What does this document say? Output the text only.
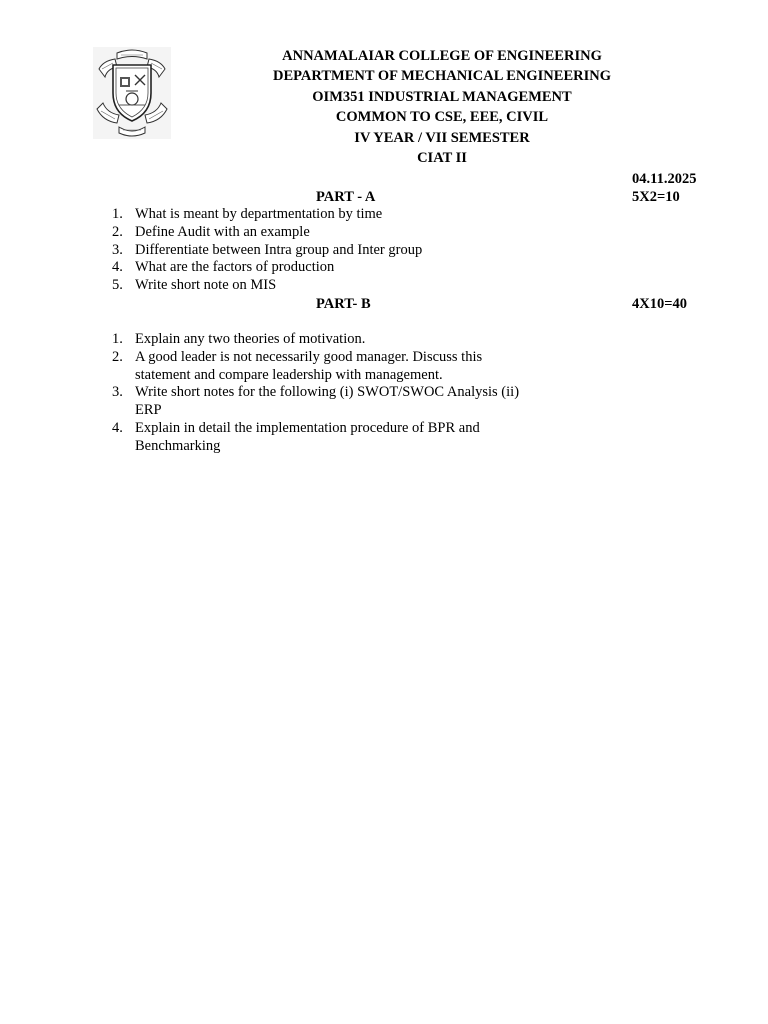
ANNAMALAIAR COLLEGE OF ENGINEERING
DEPARTMENT OF MECHANICAL ENGINEERING
OIM351 INDUSTRIAL MANAGEMENT
COMMON TO CSE, EEE, CIVIL
IV YEAR / VII SEMESTER
CIAT II
04.11.2025
PART - A	5X2=10
1. What is meant by departmentation by time
2. Define Audit with an example
3. Differentiate between Intra group and Inter group
4. What are the factors of production
5. Write short note on MIS
PART- B	4X10=40
1. Explain any two theories of motivation.
2. A good leader is not necessarily good manager. Discuss this statement and compare leadership with management.
3. Write short notes for the following (i) SWOT/SWOC Analysis (ii) ERP
4. Explain in detail the implementation procedure of BPR and Benchmarking
